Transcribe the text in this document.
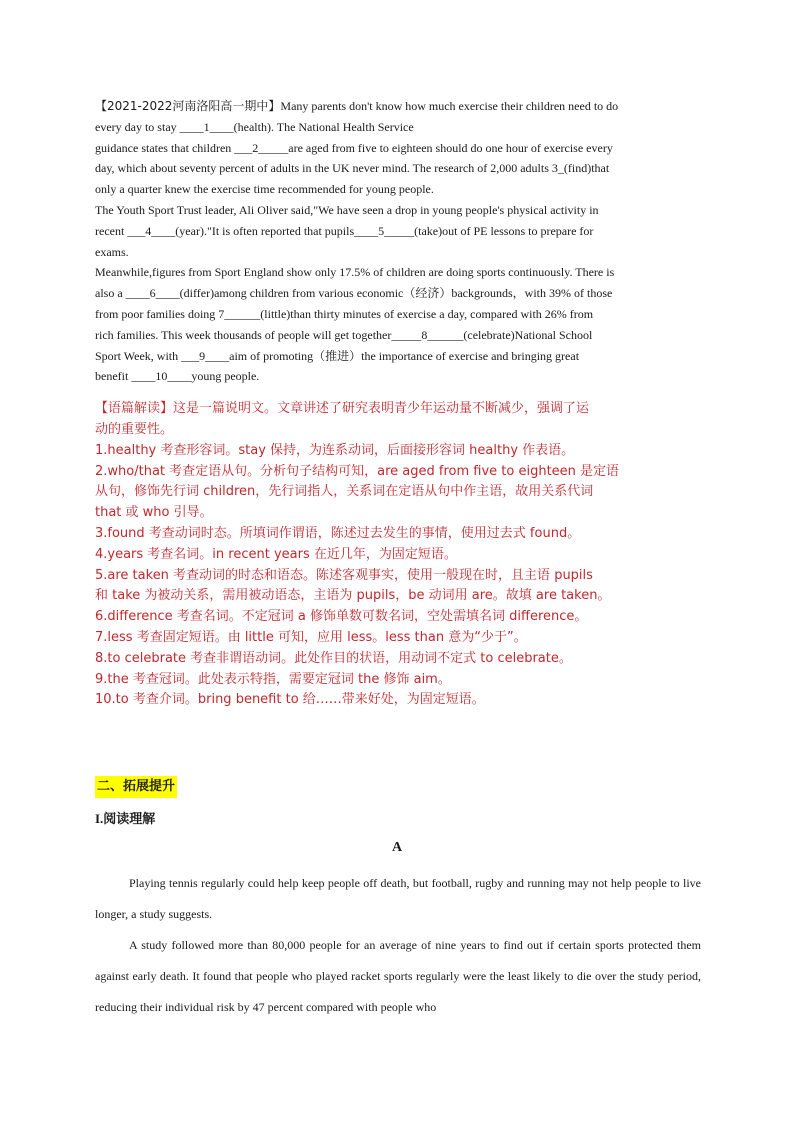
【2021-2022河南洛阳高一期中】Many parents don't know how much exercise their children need to do

every day to stay ____1____(health). The National Health Service

guidance states that children ___2_____are aged from five to eighteen should do one hour of exercise every

day, which about seventy percent of adults in the UK never mind. The research of 2,000 adults 3_(find)that

only a quarter knew the exercise time recommended for young people.

The Youth Sport Trust leader, Ali Oliver said,"We have seen a drop in young people's physical activity in

recent ___4____(year)."It is often reported that pupils____5_____(take)out of PE lessons to prepare for

exams.

Meanwhile,figures from Sport England show only 17.5% of children are doing sports continuously. There is

also a ____6____(differ)among children from various economic（经济）backgrounds，with 39% of those

from poor families doing 7______(little)than thirty minutes of exercise a day, compared with 26% from

rich families. This week thousands of people will get together_____8______(celebrate)National School

Sport Week, with ___9____aim of promoting（推进）the importance of exercise and bringing great

benefit ____10____young people.

【语篇解读】这是一篇说明文。文章讲述了研究表明青少年运动量不断减少，强调了运

动的重要性。

1.healthy 考查形容词。stay 保持，为连系动词，后面接形容词 healthy 作表语。

2.who/that 考查定语从句。分析句子结构可知，are aged from five to eighteen 是定语

从句，修饰先行词 children，先行词指人，关系词在定语从句中作主语，故用关系代词

that 或 who 引导。

3.found 考查动词时态。所填词作谓语，陈述过去发生的事情，使用过去式 found。

4.years 考查名词。in recent years 在近几年，为固定短语。

5.are taken 考查动词的时态和语态。陈述客观事实，使用一般现在时，且主语 pupils

和 take 为被动关系，需用被动语态，主语为 pupils，be 动词用 are。故填 are taken。

6.difference 考查名词。不定冠词 a 修饰单数可数名词，空处需填名词 difference。

7.less 考查固定短语。由 little 可知，应用 less。less than 意为“少于”。

8.to celebrate 考查非谓语动词。此处作目的状语，用动词不定式 to celebrate。

9.the 考查冠词。此处表示特指，需要定冠词 the 修饰 aim。

10.to 考查介词。bring benefit to 给……带来好处，为固定短语。

二、拓展提升
I.阅读理解
A

Playing tennis regularly could help keep people off death, but football, rugby and running may not help people to live longer, a study suggests.

A study followed more than 80,000 people for an average of nine years to find out if certain sports protected them against early death. It found that people who played racket sports regularly were the least likely to die over the study period, reducing their individual risk by 47 percent compared with people who
